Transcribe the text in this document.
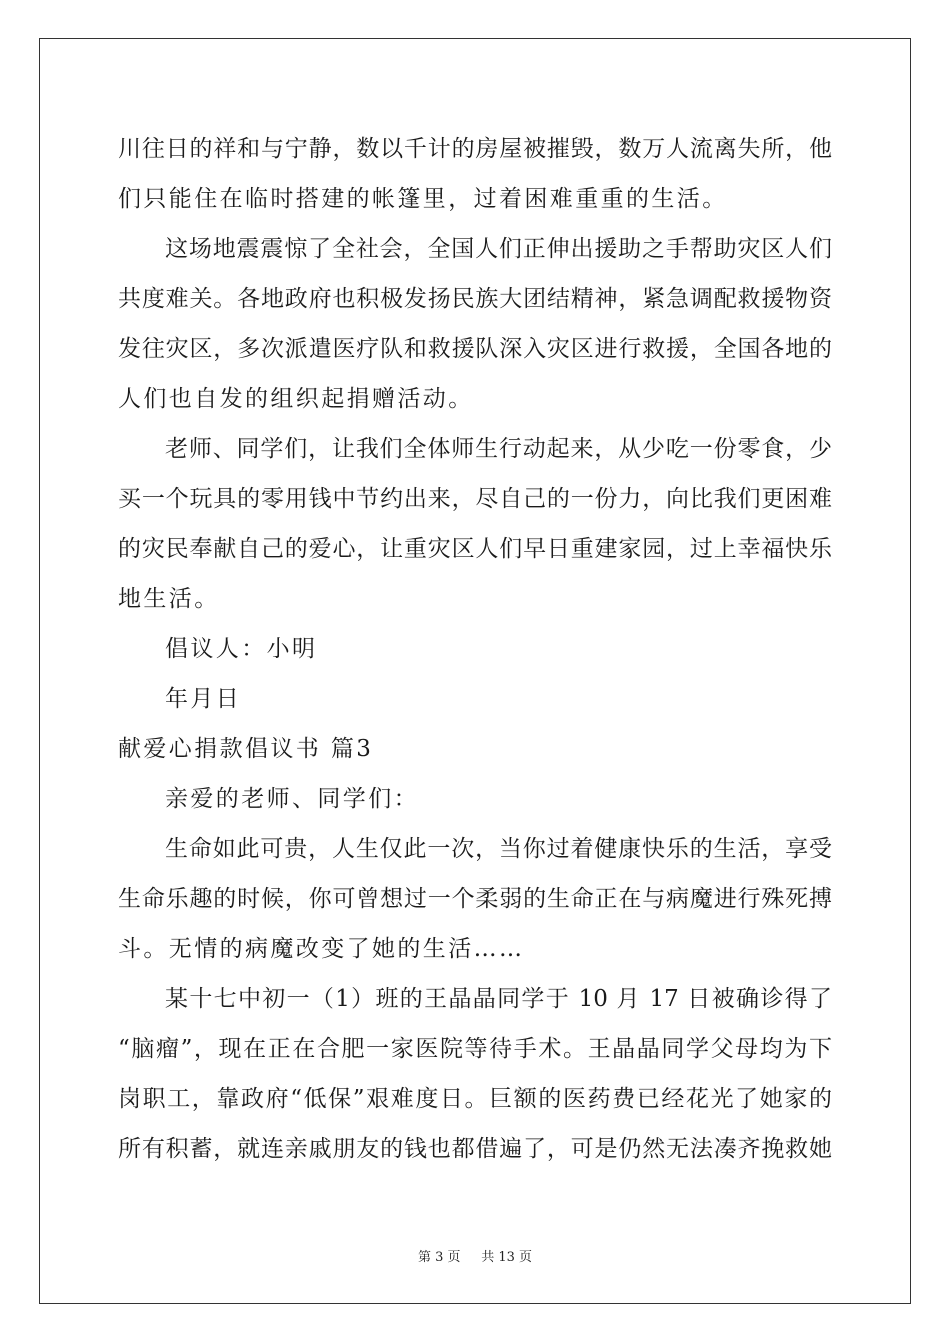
川往日的祥和与宁静，数以千计的房屋被摧毁，数万人流离失所，他
们只能住在临时搭建的帐篷里，过着困难重重的生活。
这场地震震惊了全社会，全国人们正伸出援助之手帮助灾区人们
共度难关。各地政府也积极发扬民族大团结精神，紧急调配救援物资
发往灾区，多次派遣医疗队和救援队深入灾区进行救援，全国各地的
人们也自发的组织起捐赠活动。
老师、同学们，让我们全体师生行动起来，从少吃一份零食，少
买一个玩具的零用钱中节约出来，尽自己的一份力，向比我们更困难
的灾民奉献自己的爱心，让重灾区人们早日重建家园，过上幸福快乐
地生活。
倡议人：小明
年月日
献爱心捐款倡议书 篇3
亲爱的老师、同学们：
生命如此可贵，人生仅此一次，当你过着健康快乐的生活，享受
生命乐趣的时候，你可曾想过一个柔弱的生命正在与病魔进行殊死搏
斗。无情的病魔改变了她的生活……
某十七中初一（1）班的王晶晶同学于 10 月 17 日被确诊得了
“脑瘤”，现在正在合肥一家医院等待手术。王晶晶同学父母均为下
岗职工，靠政府“低保”艰难度日。巨额的医药费已经花光了她家的
所有积蓄，就连亲戚朋友的钱也都借遍了，可是仍然无法凑齐挽救她
第 3 页 共 13 页
